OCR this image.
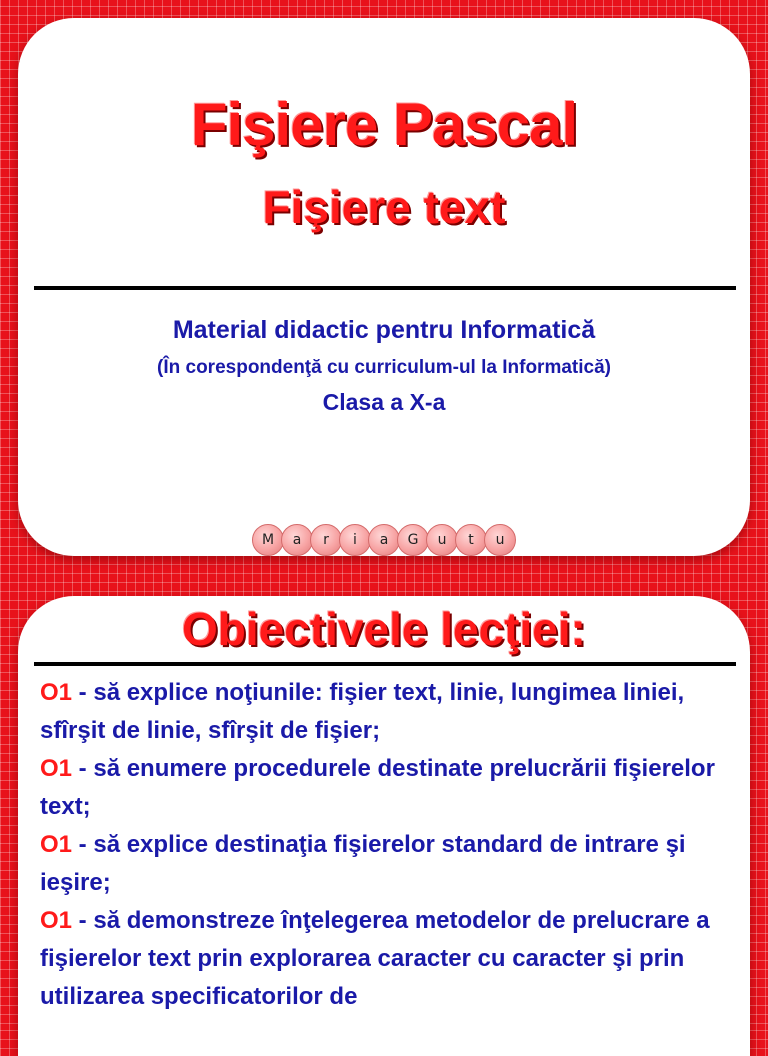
Fişiere Pascal
Fişiere text
Material didactic pentru Informatică
(În corespondenţă cu curriculum-ul la Informatică)
Clasa a X-a
M	a	r	i	a	G	u	t	u
Obiectivele lecţiei:
O1 - să explice noţiunile: fişier text, linie, lungimea liniei, sfîrşit de linie, sfîrşit de fişier;
O1 - să enumere procedurele destinate prelucrării fişierelor text;
O1 - să explice destinaţia fişierelor standard de intrare şi ieşire;
O1 - să demonstreze înţelegerea metodelor de prelucrare a fişierelor text prin explorarea caracter cu caracter şi prin utilizarea specificatorilor de
